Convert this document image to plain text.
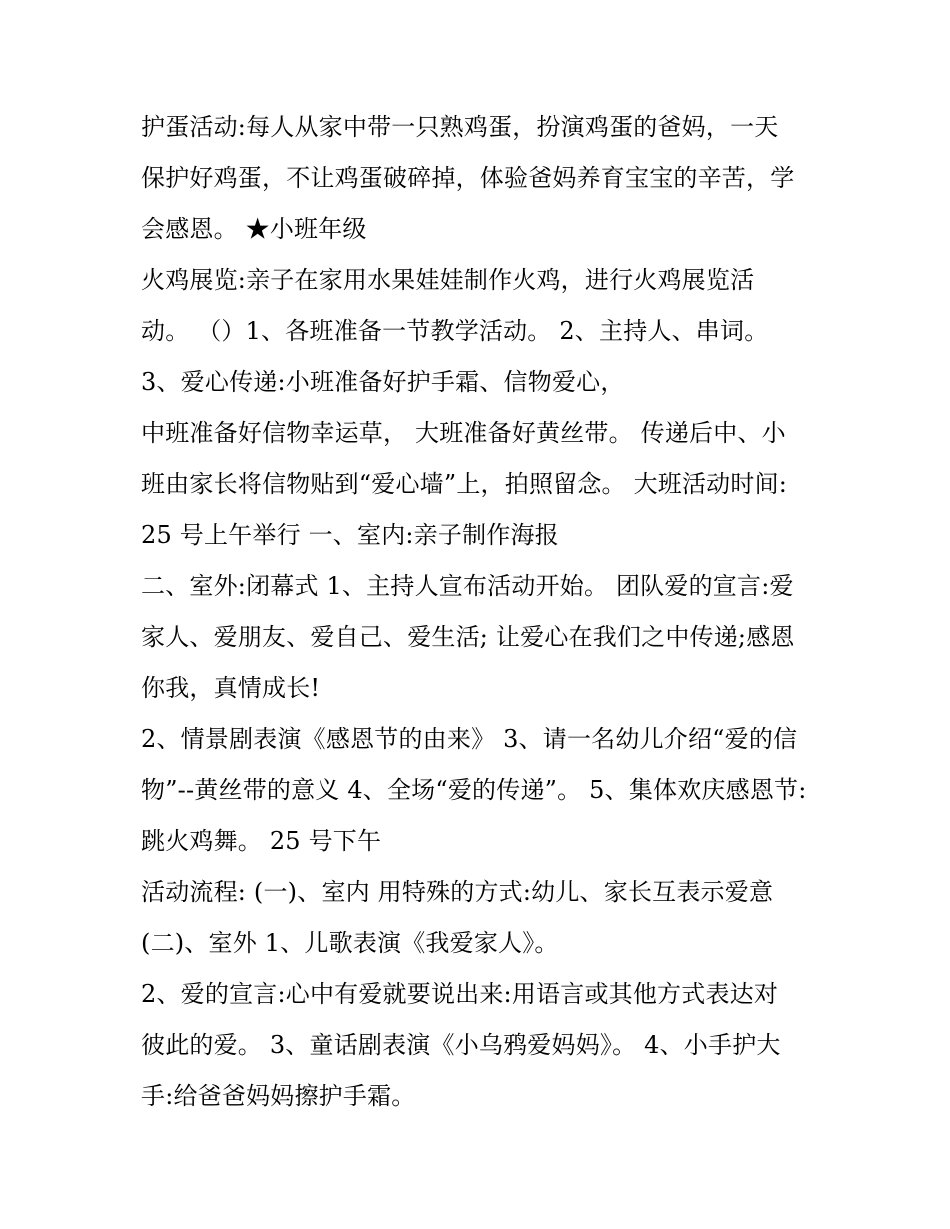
护蛋活动:每人从家中带一只熟鸡蛋，扮演鸡蛋的爸妈，一天
保护好鸡蛋，不让鸡蛋破碎掉，体验爸妈养育宝宝的辛苦，学
会感恩。 ★小班年级
火鸡展览:亲子在家用水果娃娃制作火鸡，进行火鸡展览活
动。 （）1、各班准备一节教学活动。 2、主持人、串词。
3、爱心传递:小班准备好护手霜、信物爱心，
中班准备好信物幸运草， 大班准备好黄丝带。 传递后中、小
班由家长将信物贴到“爱心墙”上，拍照留念。 大班活动时间:
25 号上午举行 一、室内:亲子制作海报
二、室外:闭幕式 1、主持人宣布活动开始。 团队爱的宣言:爱
家人、爱朋友、爱自己、爱生活; 让爱心在我们之中传递;感恩
你我，真情成长!
2、情景剧表演《感恩节的由来》 3、请一名幼儿介绍“爱的信
物”--黄丝带的意义 4、全场“爱的传递”。 5、集体欢庆感恩节:
跳火鸡舞。 25 号下午
活动流程: (一)、室内 用特殊的方式:幼儿、家长互表示爱意
(二)、室外 1、儿歌表演《我爱家人》。
2、爱的宣言:心中有爱就要说出来:用语言或其他方式表达对
彼此的爱。 3、童话剧表演《小乌鸦爱妈妈》。 4、小手护大
手:给爸爸妈妈擦护手霜。
